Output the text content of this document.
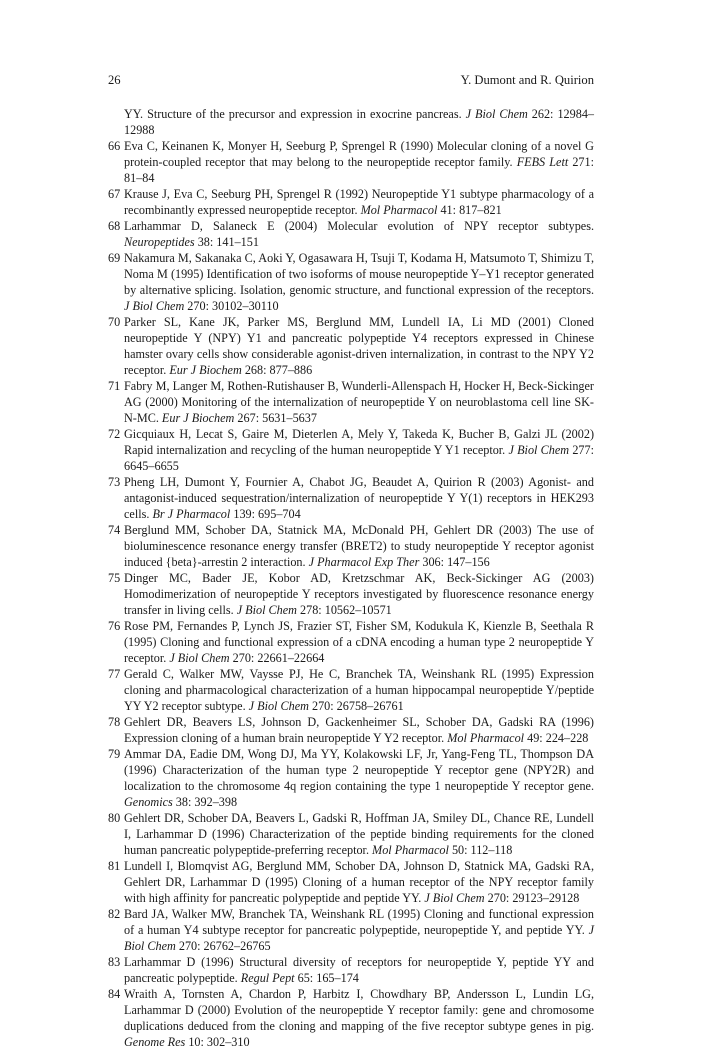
26	Y. Dumont and R. Quirion
YY. Structure of the precursor and expression in exocrine pancreas. J Biol Chem 262: 12984–12988
66 Eva C, Keinanen K, Monyer H, Seeburg P, Sprengel R (1990) Molecular cloning of a novel G protein-coupled receptor that may belong to the neuropeptide receptor family. FEBS Lett 271: 81–84
67 Krause J, Eva C, Seeburg PH, Sprengel R (1992) Neuropeptide Y1 subtype pharmacology of a recombinantly expressed neuropeptide receptor. Mol Pharmacol 41: 817–821
68 Larhammar D, Salaneck E (2004) Molecular evolution of NPY receptor subtypes. Neuropeptides 38: 141–151
69 Nakamura M, Sakanaka C, Aoki Y, Ogasawara H, Tsuji T, Kodama H, Matsumoto T, Shimizu T, Noma M (1995) Identification of two isoforms of mouse neuropeptide Y–Y1 receptor generated by alternative splicing. Isolation, genomic structure, and functional expression of the receptors. J Biol Chem 270: 30102–30110
70 Parker SL, Kane JK, Parker MS, Berglund MM, Lundell IA, Li MD (2001) Cloned neuropeptide Y (NPY) Y1 and pancreatic polypeptide Y4 receptors expressed in Chinese hamster ovary cells show considerable agonist-driven internalization, in contrast to the NPY Y2 receptor. Eur J Biochem 268: 877–886
71 Fabry M, Langer M, Rothen-Rutishauser B, Wunderli-Allenspach H, Hocker H, Beck-Sickinger AG (2000) Monitoring of the internalization of neuropeptide Y on neuroblastoma cell line SK-N-MC. Eur J Biochem 267: 5631–5637
72 Gicquiaux H, Lecat S, Gaire M, Dieterlen A, Mely Y, Takeda K, Bucher B, Galzi JL (2002) Rapid internalization and recycling of the human neuropeptide Y Y1 receptor. J Biol Chem 277: 6645–6655
73 Pheng LH, Dumont Y, Fournier A, Chabot JG, Beaudet A, Quirion R (2003) Agonist- and antagonist-induced sequestration/internalization of neuropeptide Y Y(1) receptors in HEK293 cells. Br J Pharmacol 139: 695–704
74 Berglund MM, Schober DA, Statnick MA, McDonald PH, Gehlert DR (2003) The use of bioluminescence resonance energy transfer (BRET2) to study neuropeptide Y receptor agonist induced {beta}-arrestin 2 interaction. J Pharmacol Exp Ther 306: 147–156
75 Dinger MC, Bader JE, Kobor AD, Kretzschmar AK, Beck-Sickinger AG (2003) Homodimerization of neuropeptide Y receptors investigated by fluorescence resonance energy transfer in living cells. J Biol Chem 278: 10562–10571
76 Rose PM, Fernandes P, Lynch JS, Frazier ST, Fisher SM, Kodukula K, Kienzle B, Seethala R (1995) Cloning and functional expression of a cDNA encoding a human type 2 neuropeptide Y receptor. J Biol Chem 270: 22661–22664
77 Gerald C, Walker MW, Vaysse PJ, He C, Branchek TA, Weinshank RL (1995) Expression cloning and pharmacological characterization of a human hippocampal neuropeptide Y/peptide YY Y2 receptor subtype. J Biol Chem 270: 26758–26761
78 Gehlert DR, Beavers LS, Johnson D, Gackenheimer SL, Schober DA, Gadski RA (1996) Expression cloning of a human brain neuropeptide Y Y2 receptor. Mol Pharmacol 49: 224–228
79 Ammar DA, Eadie DM, Wong DJ, Ma YY, Kolakowski LF, Jr, Yang-Feng TL, Thompson DA (1996) Characterization of the human type 2 neuropeptide Y receptor gene (NPY2R) and localization to the chromosome 4q region containing the type 1 neuropeptide Y receptor gene. Genomics 38: 392–398
80 Gehlert DR, Schober DA, Beavers L, Gadski R, Hoffman JA, Smiley DL, Chance RE, Lundell I, Larhammar D (1996) Characterization of the peptide binding requirements for the cloned human pancreatic polypeptide-preferring receptor. Mol Pharmacol 50: 112–118
81 Lundell I, Blomqvist AG, Berglund MM, Schober DA, Johnson D, Statnick MA, Gadski RA, Gehlert DR, Larhammar D (1995) Cloning of a human receptor of the NPY receptor family with high affinity for pancreatic polypeptide and peptide YY. J Biol Chem 270: 29123–29128
82 Bard JA, Walker MW, Branchek TA, Weinshank RL (1995) Cloning and functional expression of a human Y4 subtype receptor for pancreatic polypeptide, neuropeptide Y, and peptide YY. J Biol Chem 270: 26762–26765
83 Larhammar D (1996) Structural diversity of receptors for neuropeptide Y, peptide YY and pancreatic polypeptide. Regul Pept 65: 165–174
84 Wraith A, Tornsten A, Chardon P, Harbitz I, Chowdhary BP, Andersson L, Lundin LG, Larhammar D (2000) Evolution of the neuropeptide Y receptor family: gene and chromosome duplications deduced from the cloning and mapping of the five receptor subtype genes in pig. Genome Res 10: 302–310
